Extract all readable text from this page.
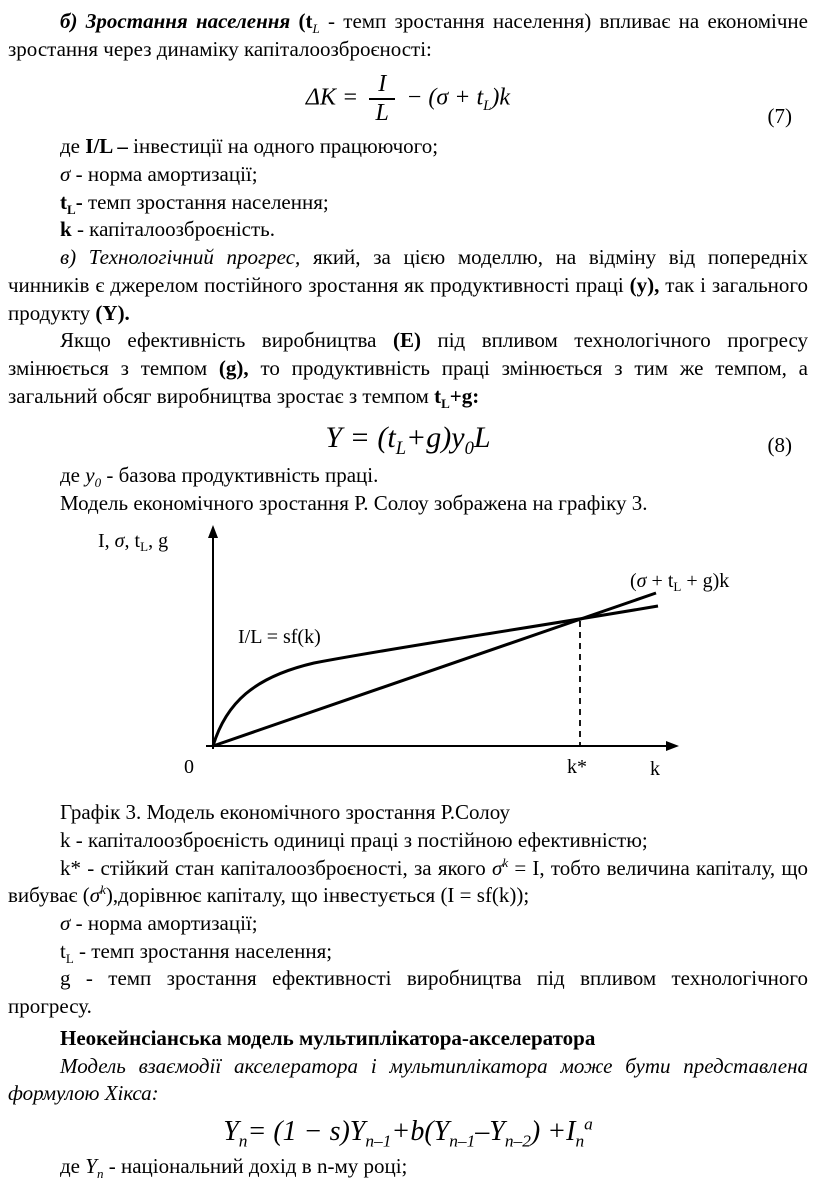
б) Зростання населення ($t_L$ - темп зростання населення) впливає на економічне зростання через динаміку капіталоозброєності:

$\Delta K = \frac{I}{L} - (\sigma + t_L)k$
(7)

де I/L – інвестиції на одного працюючого;

σ - норма амортизації;

$t_L-$ темп зростання населення;

k - капіталоозброєність.

в) Технологічний прогрес, який, за цією моделлю, на відміну від попередніх чинників є джерелом постійного зростання як продуктивності праці (y), так і загального продукту (Y).

Якщо ефективність виробництва (Е) під впливом технологічного прогресу змінюється з темпом (g), то продуктивність праці змінюється з тим же темпом, а загальний обсяг виробництва зростає з темпом $t_L+g$:

$Y = (t_L+g)y_0L$	(8)

де $y_0$ - базова продуктивність праці.

Модель економічного зростання Р. Солоу зображена на графіку 3.

I, σ, $t_L$, g
I/L = sf(k)
$(\sigma + t_L + g)k$
0	k*	k

Графік 3. Модель економічного зростання Р.Солоу

k - капіталоозброєність одиниці праці з постійною ефективністю;

k* - стійкий стан капіталоозброєності, за якого $\sigma^k = I$, тобто величина капіталу, що вибуває $(\sigma^k),дорівнює$ капіталу, що інвестується (I = sf(k));

σ - норма амортизації;

$t_L$ - темп зростання населення;

g - темп зростання ефективності виробництва під впливом технологічного прогресу.

Неокейнсіанська модель мультиплікатора-акселератора

Модель взаємодії акселератора і мультиплікатора може бути представлена формулою Хікса:

$Y_n= (1 - s)Y_{n-1}+b(Y_{n-1}-Y_{n-2}) +I_n^a$

де $Y_n$ - національний дохід в n-му році;
